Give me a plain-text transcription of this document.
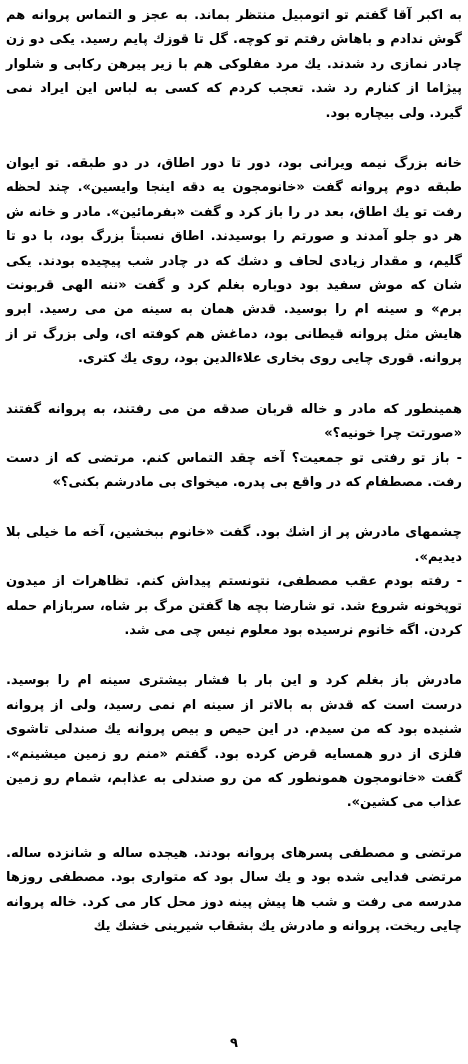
به اکبر آقا گفتم تو اتومبیل منتظر بماند. به عجز و التماس پروانه هم گوش ندادم و باهاش رفتم تو کوچه. گل تا قوزك پایم رسید. یکی دو زن چادر نمازی رد شدند. یك مرد مفلوکی هم با زیر پیرهن رکابی و شلوار پیژاما از کنارم رد شد. تعجب کردم که کسی به لباس این ایراد نمی گیرد. ولی بیچاره بود.

خانه بزرگ نیمه ویرانی بود، دور تا دور اطاق، در دو طبقه. تو ایوان طبقه دوم پروانه گفت «خانومجون یه دقه اینجا وایسین». چند لحظه رفت تو یك اطاق، بعد در را باز کرد و گفت «بفرمائین». مادر و خانه ش هر دو جلو آمدند و صورتم را بوسیدند. اطاق نسبتاً بزرگ بود، با دو تا گلیم، و مقدار زیادی لحاف و دشك که در چادر شب پیچیده بودند. یکی شان که موش سفید بود دوباره بغلم کرد و گفت «ننه الهی قربونت برم» و سینه ام را بوسید. قدش همان به سینه من می رسید. ابرو هایش مثل پروانه قیطانی بود، دماغش هم کوفته ای، ولی بزرگ تر از پروانه. قوری چایی روی بخاری علاءالدین بود، روی یك کتری.

همینطور که مادر و خاله قربان صدقه من می رفتند، به پروانه گفتند «صورتت چرا خونیه؟»

- باز تو رفتی تو جمعیت؟ آخه چقد التماس کنم. مرتضی که از دست رفت. مصطفام که در واقع بی پدره. میخوای بی مادرشم بکنی؟»

چشمهای مادرش پر از اشك بود. گفت «خانوم ببخشین، آخه ما خیلی بلا دیدیم».

- رفته بودم عقب مصطفی، نتونستم پیداش کنم. تظاهرات از میدون توپخونه شروع شد. تو شارضا بچه ها گفتن مرگ بر شاه، سربازام حمله کردن. اگه خانوم نرسیده بود معلوم نیس چی می شد.

مادرش باز بغلم کرد و این بار با فشار بیشتری سینه ام را بوسید. درست است که قدش به بالاتر از سینه ام نمی رسید، ولی از پروانه شنیده بود که من سیدم. در این حیص و بیص پروانه یك صندلی تاشوی فلزی از درو همسایه قرض کرده بود. گفتم «منم رو زمین میشینم». گفت «خانومجون همونطور که من رو صندلی به عذابم، شمام رو زمین عذاب می کشین».

مرتضی و مصطفی پسرهای پروانه بودند. هیجده ساله و شانزده ساله. مرتضی فدایی شده بود و یك سال بود که متواری بود. مصطفی روزها مدرسه می رفت و شب ها پیش پینه دوز محل کار می کرد. خاله پروانه چایی ریخت. پروانه و مادرش یك بشقاب شیرینی خشك یك

۹
